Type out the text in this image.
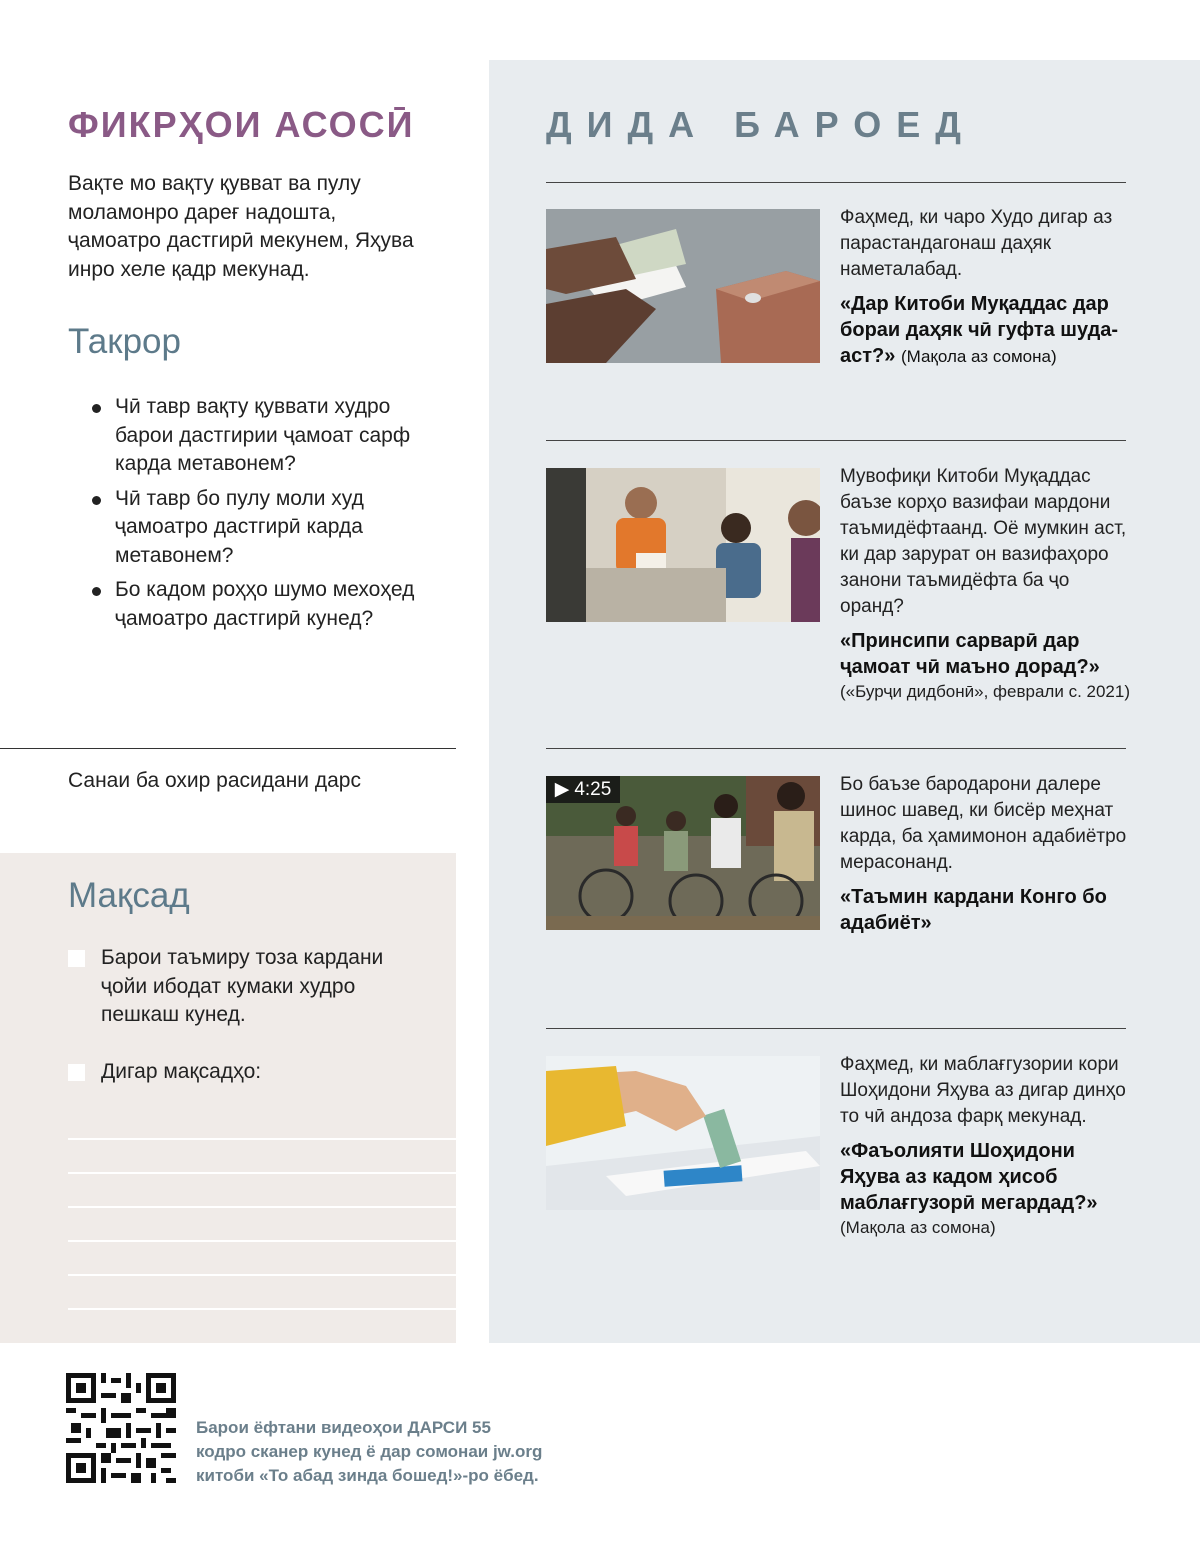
ФИКРҲОИ АСОСӢ

Вақте мо вақту қувват ва пулу моламонро дареғ надошта, ҷамоатро дастгирӣ мекунем, Яҳува инро хеле қадр мекунад.

Такрор
Чӣ тавр вақту қуввати худро барои дастгирии ҷамоат сарф карда метавонем?
Чӣ тавр бо пулу моли худ ҷамоатро дастгирӣ карда метавонем?
Бо кадом роҳҳо шумо мехоҳед ҷамоатро дастгирӣ кунед?
Санаи ба охир расидани дарс
Мақсад
Барои таъмиру тоза кардани ҷойи ибодат кумаки худро пешкаш кунед.
Дигар мақсадҳо:
ДИДА БАРОЕД

Фаҳмед, ки чаро Худо дигар аз парастандагонаш даҳяк наметалабад.

«Дар Китоби Муқаддас дар бораи даҳяк чӣ гуфта шудааст?» (Мақола аз сомона)

Мувофиқи Китоби Муқаддас баъзе корҳо вазифаи мардони таъмидёфтаанд. Оё мумкин аст, ки дар зарурат он вазифаҳоро занони таъмидёфта ба ҷо оранд?

«Принсипи сарварӣ дар ҷамоат чӣ маъно дорад?»

(«Бурҷи дидбонӣ», феврали с. 2021)

▶ 4:25	Бо баъзе бародарони далере шинос шавед, ки бисёр меҳнат карда, ба ҳамимонон адабиётро мерасонанд.

«Таъмин кардани Конго бо адабиёт»

Фаҳмед, ки маблағгузории кори Шоҳидони Яҳува аз дигар динҳо то чӣ андоза фарқ мекунад.

«Фаъолияти Шоҳидони Яҳува аз кадом ҳисоб маблағгузорӣ мегардад?»

(Мақола аз сомона)

Барои ёфтани видеоҳои ДАРСИ 55
кодро сканер кунед ё дар сомонаи jw.org
китоби «То абад зинда бошед!»-ро ёбед.
